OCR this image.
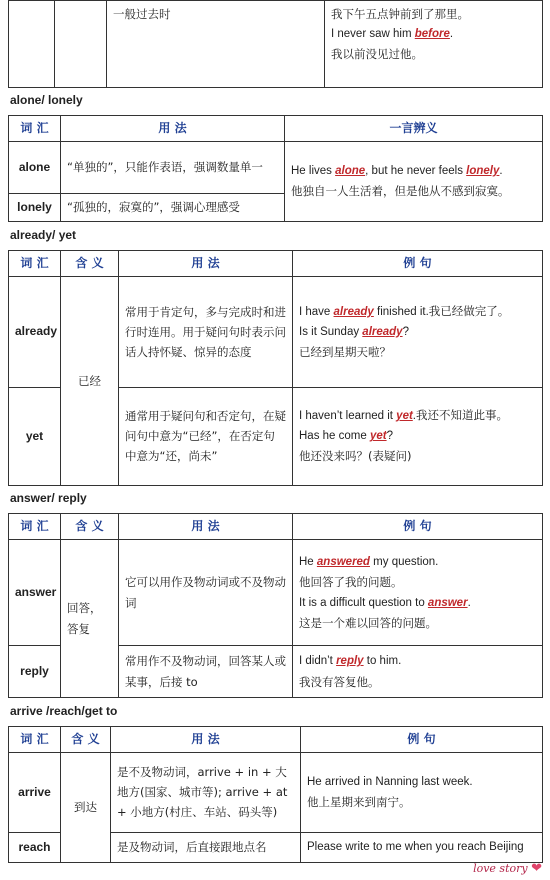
		一般过去时	我下午五点钟前到了那里。
I never saw him before.
我以前没见过他。
alone/ lonely
词 汇	用 法	一言辨义
alone	“单独的”，只能作表语，强调数量单一	He lives alone, but he never feels lonely.
他独自一人生活着，但是他从不感到寂寞。

lonely	“孤独的，寂寞的”，强调心理感受	
already/ yet
词 汇	含 义	用 法	例 句
already	已经	常用于肯定句，多与完成时和进行时连用。用于疑问句时表示问话人持怀疑、惊异的态度	I have already finished it.我已经做完了。
Is it Sunday already?
已经到星期天啦？

yet		通常用于疑问句和否定句，在疑问句中意为“已经”，在否定句中意为“还，尚未”	I haven’t learned it yet.我还不知道此事。
Has he come yet?
他还没来吗？(表疑问)
answer/ reply
词 汇	含 义	用 法	例 句
answer	回答，答复	它可以用作及物动词或不及物动词	He answered my question.
他回答了我的问题。
It is a difficult question to answer.
这是一个难以回答的问题。

reply		常用作不及物动词，回答某人或某事，后接 to	I didn’t reply to him.
我没有答复他。
arrive /reach/get to
词 汇	含 义	用 法	例 句
arrive	到达	是不及物动词，arrive + in + 大地方(国家、城市等); arrive + at + 小地方(村庄、车站、码头等)	He arrived in Nanning last week.
他上星期来到南宁。

reach		是及物动词，后直接跟地点名	Please write to me when you reach Beijing
love story ❤
